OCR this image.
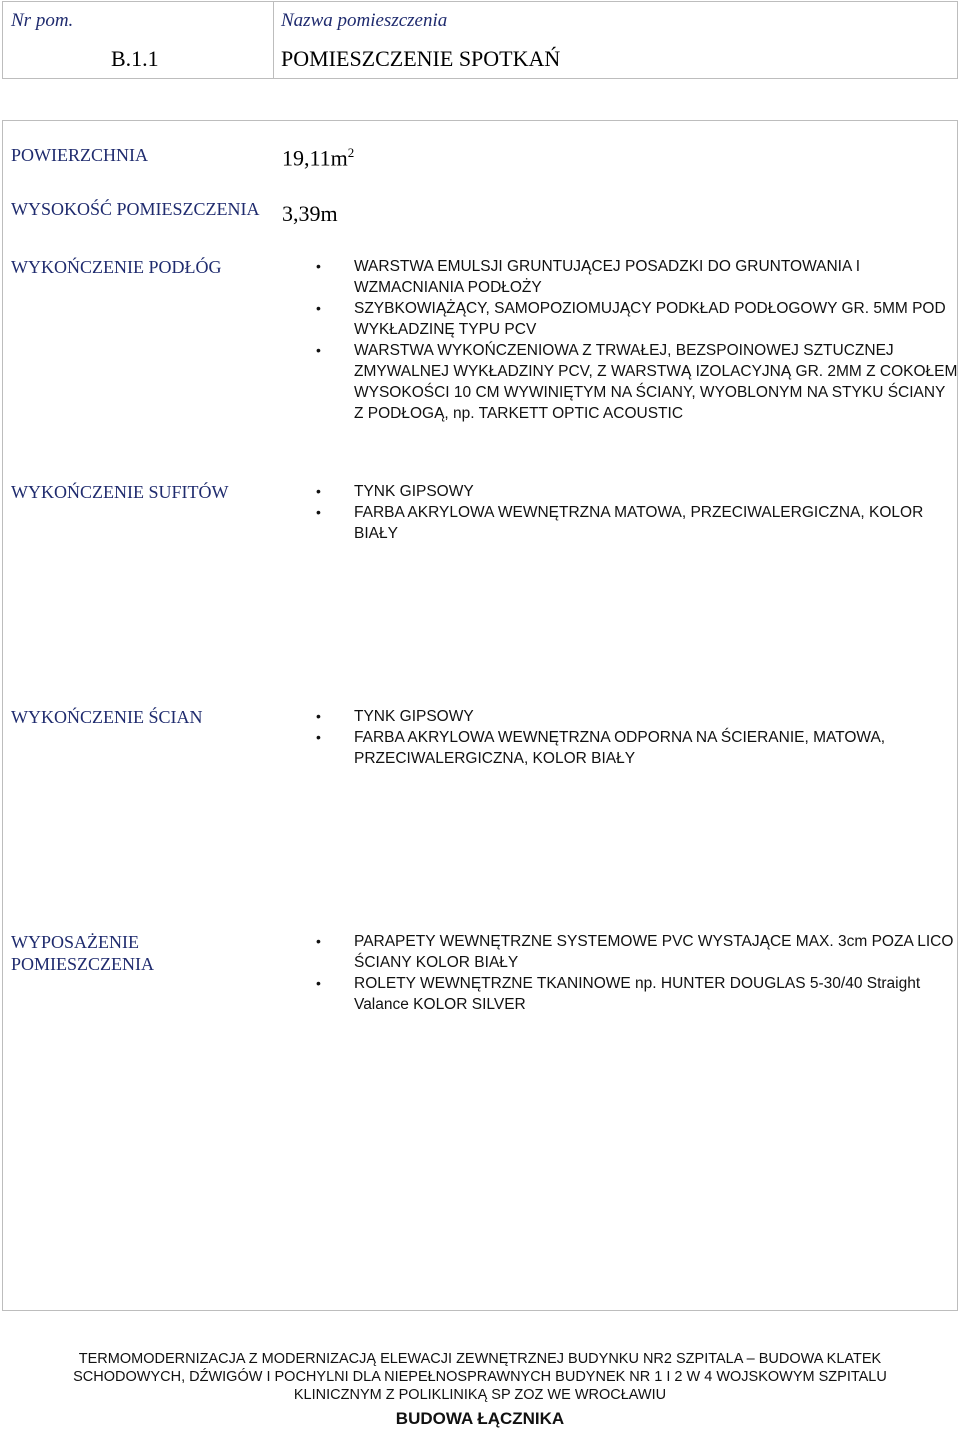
Nr pom.	Nazwa pomieszczenia
B.1.1	POMIESZCZENIE SPOTKAŃ
POWIERZCHNIA	$19,11m^2$
WYSOKOŚĆ POMIESZCZENIA 3,39m
WYKOŃCZENIE PODŁÓG	• WARSTWA EMULSJI GRUNTUJĄCEJ POSADZKI DO GRUNTOWANIA I WZMACNIANIA PODŁOŻY
• SZYBKOWIĄŻĄCY, SAMOPOZIOMUJĄCY PODKŁAD PODŁOGOWY GR. 5MM POD WYKŁADZINĘ TYPU PCV
• WARSTWA WYKOŃCZENIOWA Z TRWAŁEJ, BEZSPOINOWEJ SZTUCZNEJ ZMYWALNEJ WYKŁADZINY PCV, Z WARSTWĄ IZOLACYJNĄ GR. 2MM Z COKOŁEM WYSOKOŚCI 10 CM WYWINIĘTYM NA ŚCIANY, WYOBLONYM NA STYKU ŚCIANY Z PODŁOGĄ, np. TARKETT OPTIC ACOUSTIC
WYKOŃCZENIE SUFITÓW	• TYNK GIPSOWY
• FARBA AKRYLOWA WEWNĘTRZNA MATOWA, PRZECIWALERGICZNA, KOLOR BIAŁY
WYKOŃCZENIE ŚCIAN	• TYNK GIPSOWY
• FARBA AKRYLOWA WEWNĘTRZNA ODPORNA NA ŚCIERANIE, MATOWA, PRZECIWALERGICZNA, KOLOR BIAŁY
WYPOSAŻENIE
POMIESZCZENIA
• PARAPETY WEWNĘTRZNE SYSTEMOWE PVC WYSTAJĄCE MAX. 3cm POZA LICO ŚCIANY KOLOR BIAŁY
• ROLETY WEWNĘTRZNE TKANINOWE np. HUNTER DOUGLAS 5-30/40 Straight Valance KOLOR SILVER
TERMOMODERNIZACJA Z MODERNIZACJĄ ELEWACJI ZEWNĘTRZNEJ BUDYNKU NR2 SZPITALA – BUDOWA KLATEK
SCHODOWYCH, DŹWIGÓW I POCHYLNI DLA NIEPEŁNOSPRAWNYCH BUDYNEK NR 1 I 2 W 4 WOJSKOWYM SZPITALU
KLINICZNYM Z POLIKLINIKĄ SP ZOZ WE WROCŁAWIU
BUDOWA ŁĄCZNIKA
